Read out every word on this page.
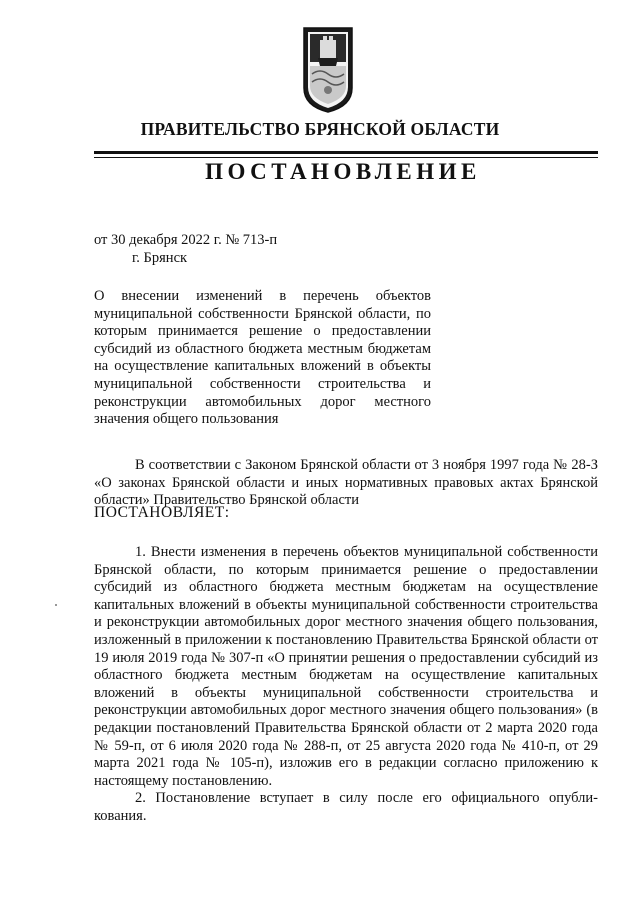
ПРАВИТЕЛЬСТВО БРЯНСКОЙ ОБЛАСТИ
ПОСТАНОВЛЕНИЕ

от 30 декабря 2022 г. № 713-п

г. Брянск

О внесении изменений в перечень объектов муниципальной собственности Брянской области, по которым принимается решение о предоставлении субсидий из областного бюджета местным бюджетам на осуществление капитальных вложений в объекты муниципальной собственности строительства и реконструкции автомобильных дорог местного значения общего пользования

В соответствии с Законом Брянской области от 3 ноября 1997 года № 28-З «О законах Брянской области и иных нормативных правовых актах Брянской области» Правительство Брянской области

ПОСТАНОВЛЯЕТ:

1. Внести изменения в перечень объектов муниципальной собственности Брянской области, по которым принимается решение о предоставлении субсидий из областного бюджета местным бюджетам на осуществление капитальных вложений в объекты муниципальной собственности строительства и реконструкции автомобильных дорог местного значения общего пользования, изложенный в приложении к постановлению Правительства Брянской области от 19 июля 2019 года № 307-п «О принятии решения о предоставлении субсидий из областного бюджета местным бюджетам на осуществление капитальных вложений в объекты муниципальной собственности строительства и реконструкции автомобильных дорог местного значения общего пользования» (в редакции постановлений Правительства Брянской области от 2 марта 2020 года № 59-п, от 6 июля 2020 года № 288-п, от 25 августа 2020 года № 410-п, от 29 марта 2021 года № 105-п), изложив его в редакции согласно приложению к настоящему постановлению.

2. Постановление вступает в силу после его официального опубликования.
